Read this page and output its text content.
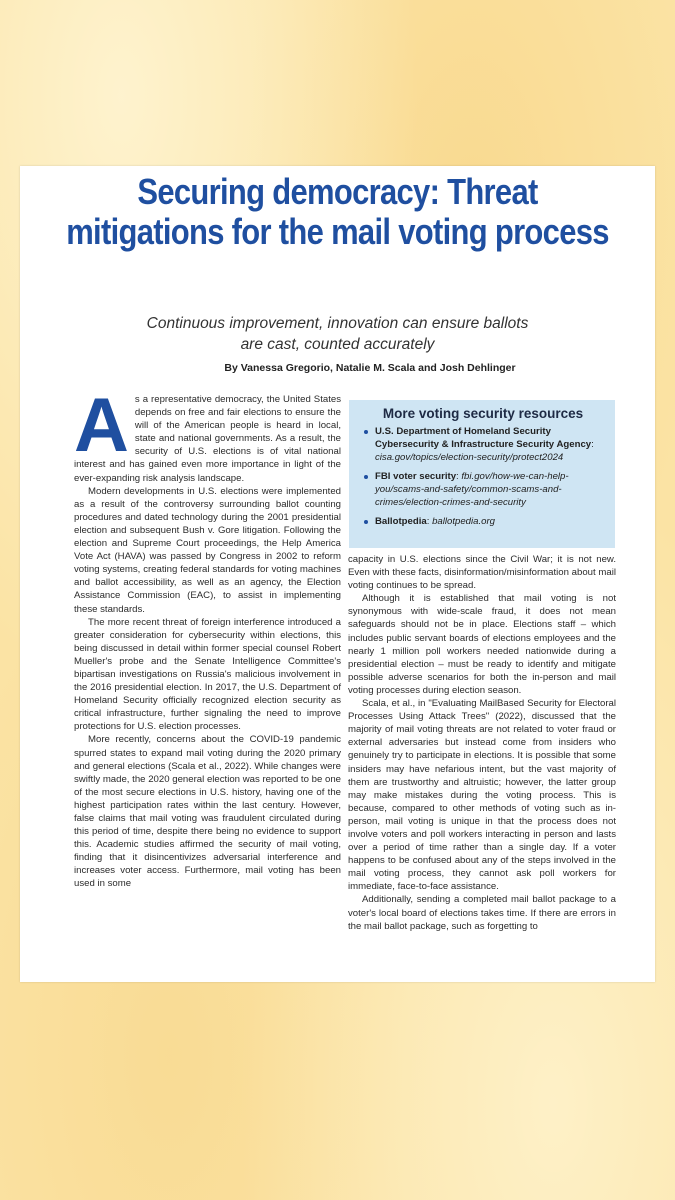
Securing democracy: Threat mitigations for the mail voting process

Continuous improvement, innovation can ensure ballots
are cast, counted accurately

By Vanessa Gregorio, Natalie M. Scala and Josh Dehlinger

As a representative democracy, the United States depends on free and fair elections to ensure the will of the American people is heard in local, state and national governments. As a result, the security of U.S. elections is of vital national interest and has gained even more importance in light of the ever-expanding risk analysis landscape.

Modern developments in U.S. elections were implemented as a result of the controversy surrounding ballot counting procedures and dated technology during the 2001 presidential election and subsequent Bush v. Gore litigation. Following the election and Supreme Court proceedings, the Help America Vote Act (HAVA) was passed by Congress in 2002 to reform voting systems, creating federal standards for voting machines and ballot accessibility, as well as an agency, the Election Assistance Commission (EAC), to assist in implementing these standards.

The more recent threat of foreign interference introduced a greater consideration for cybersecurity within elections, this being discussed in detail within former special counsel Robert Mueller's probe and the Senate Intelligence Committee's bipartisan investigations on Russia's malicious involvement in the 2016 presidential election. In 2017, the U.S. Department of Homeland Security officially recognized election security as critical infrastructure, further signaling the need to improve protections for U.S. election processes.

More recently, concerns about the COVID-19 pandemic spurred states to expand mail voting during the 2020 primary and general elections (Scala et al., 2022). While changes were swiftly made, the 2020 general election was reported to be one of the most secure elections in U.S. history, having one of the highest participation rates within the last century. However, false claims that mail voting was fraudulent circulated during this period of time, despite there being no evidence to support this. Academic studies affirmed the security of mail voting, finding that it disincentivizes adversarial interference and increases voter access. Furthermore, mail voting has been used in some

More voting security resources
U.S. Department of Homeland Security Cybersecurity & Infrastructure Security Agency: cisa.gov/topics/election-security/protect2024
FBI voter security: fbi.gov/how-we-can-help-you/scams-and-safety/common-scams-and-crimes/election-crimes-and-security
Ballotpedia: ballotpedia.org

capacity in U.S. elections since the Civil War; it is not new. Even with these facts, disinformation/misinformation about mail voting continues to be spread.

Although it is established that mail voting is not synonymous with wide-scale fraud, it does not mean safeguards should not be in place. Elections staff – which includes public servant boards of elections employees and the nearly 1 million poll workers needed nationwide during a presidential election – must be ready to identify and mitigate possible adverse scenarios for both the in-person and mail voting processes during election season.

Scala, et al., in "Evaluating MailBased Security for Electoral Processes Using Attack Trees" (2022), discussed that the majority of mail voting threats are not related to voter fraud or external adversaries but instead come from insiders who genuinely try to participate in elections. It is possible that some insiders may have nefarious intent, but the vast majority of them are trustworthy and altruistic; however, the latter group may make mistakes during the voting process. This is because, compared to other methods of voting such as in-person, mail voting is unique in that the process does not involve voters and poll workers interacting in person and lasts over a period of time rather than a single day. If a voter happens to be confused about any of the steps involved in the mail voting process, they cannot ask poll workers for immediate, face-to-face assistance.

Additionally, sending a completed mail ballot package to a voter's local board of elections takes time. If there are errors in the mail ballot package, such as forgetting to
